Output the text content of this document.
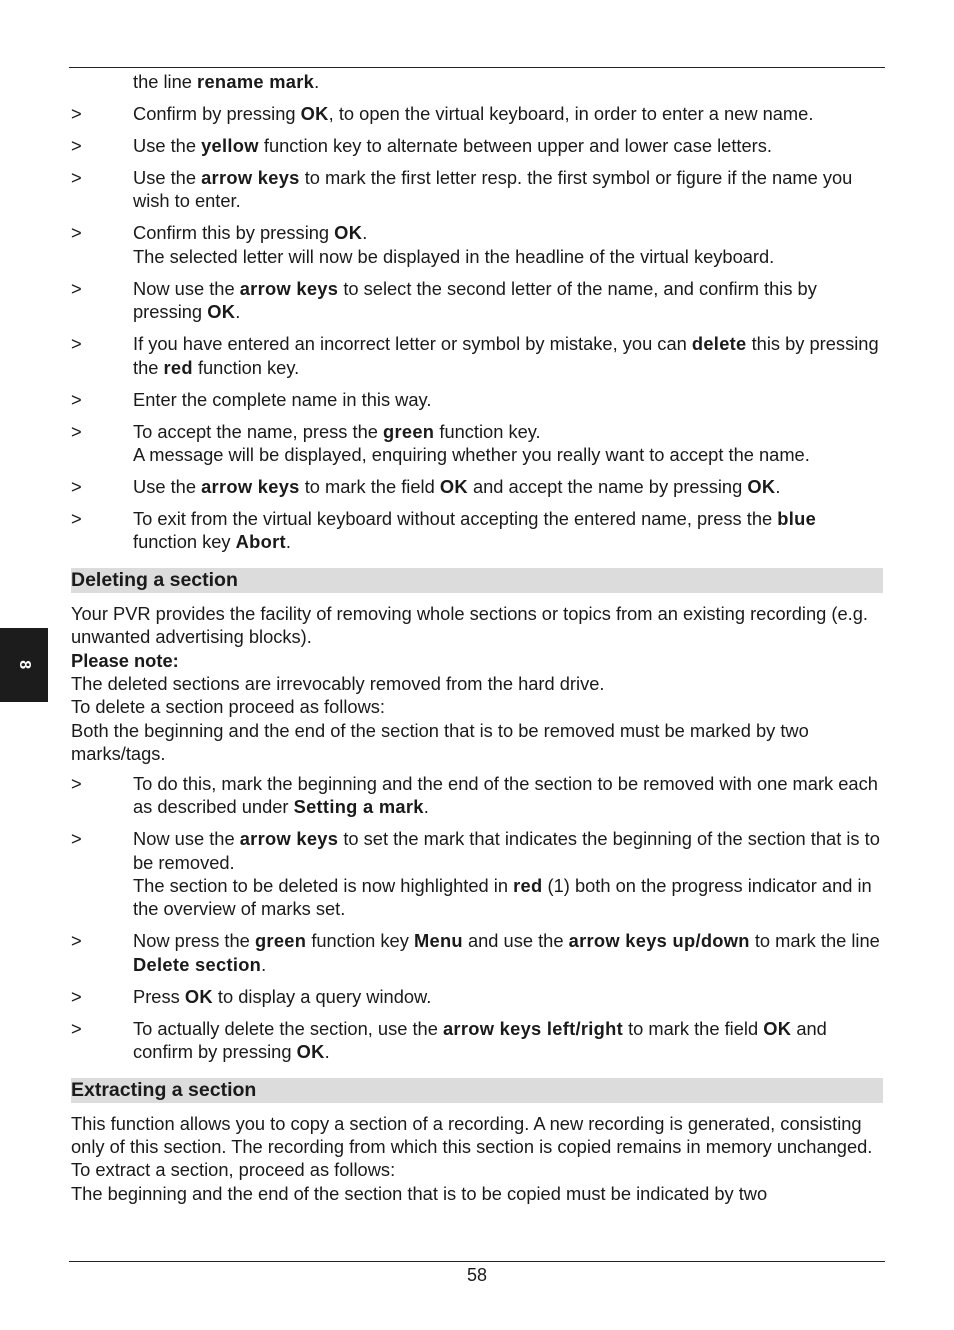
8
the line rename mark.
>	Confirm by pressing OK, to open the virtual keyboard, in order to enter a new name.
>	Use the yellow function key to alternate between upper and lower case letters.
>	Use the arrow keys to mark the first letter resp. the first symbol or figure if the name you wish to enter.
>	Confirm this by pressing OK.
The selected letter will now be displayed in the headline of the virtual keyboard.
>	Now use the arrow keys to select the second letter of the name, and confirm this by pressing OK.
>	If you have entered an incorrect letter or symbol by mistake, you can delete this by pressing the red function key.
>	Enter the complete name in this way.
>	To accept the name, press the green function key.
A message will be displayed, enquiring whether you really want to accept the name.
>	Use the arrow keys to mark the field OK and accept the name by pressing OK.
>	To exit from the virtual keyboard without accepting the entered name, press the blue function key Abort.
Deleting a section
Your PVR provides the facility of removing whole sections or topics from an existing recording (e.g. unwanted advertising blocks).
Please note:
The deleted sections are irrevocably removed from the hard drive.
To delete a section proceed as follows:
Both the beginning and the end of the section that is to be removed must be marked by two marks/tags.
>	To do this, mark the beginning and the end of the section to be removed with one mark each as described under Setting a mark.
>	Now use the arrow keys to set the mark that indicates the beginning of the section that is to be removed.
The section to be deleted is now highlighted in red (1) both on the progress indicator and in the overview of marks set.
>	Now press the green function key Menu and use the arrow keys up/down to mark the line Delete section.
>	Press OK to display a query window.
>	To actually delete the section, use the arrow keys left/right to mark the field OK and confirm by pressing OK.
Extracting a section
This function allows you to copy a section of a recording. A new recording is generated, consisting only of this section. The recording from which this section is copied remains in memory unchanged.
To extract a section, proceed as follows:
The beginning and the end of the section that is to be copied must be indicated by two
58
